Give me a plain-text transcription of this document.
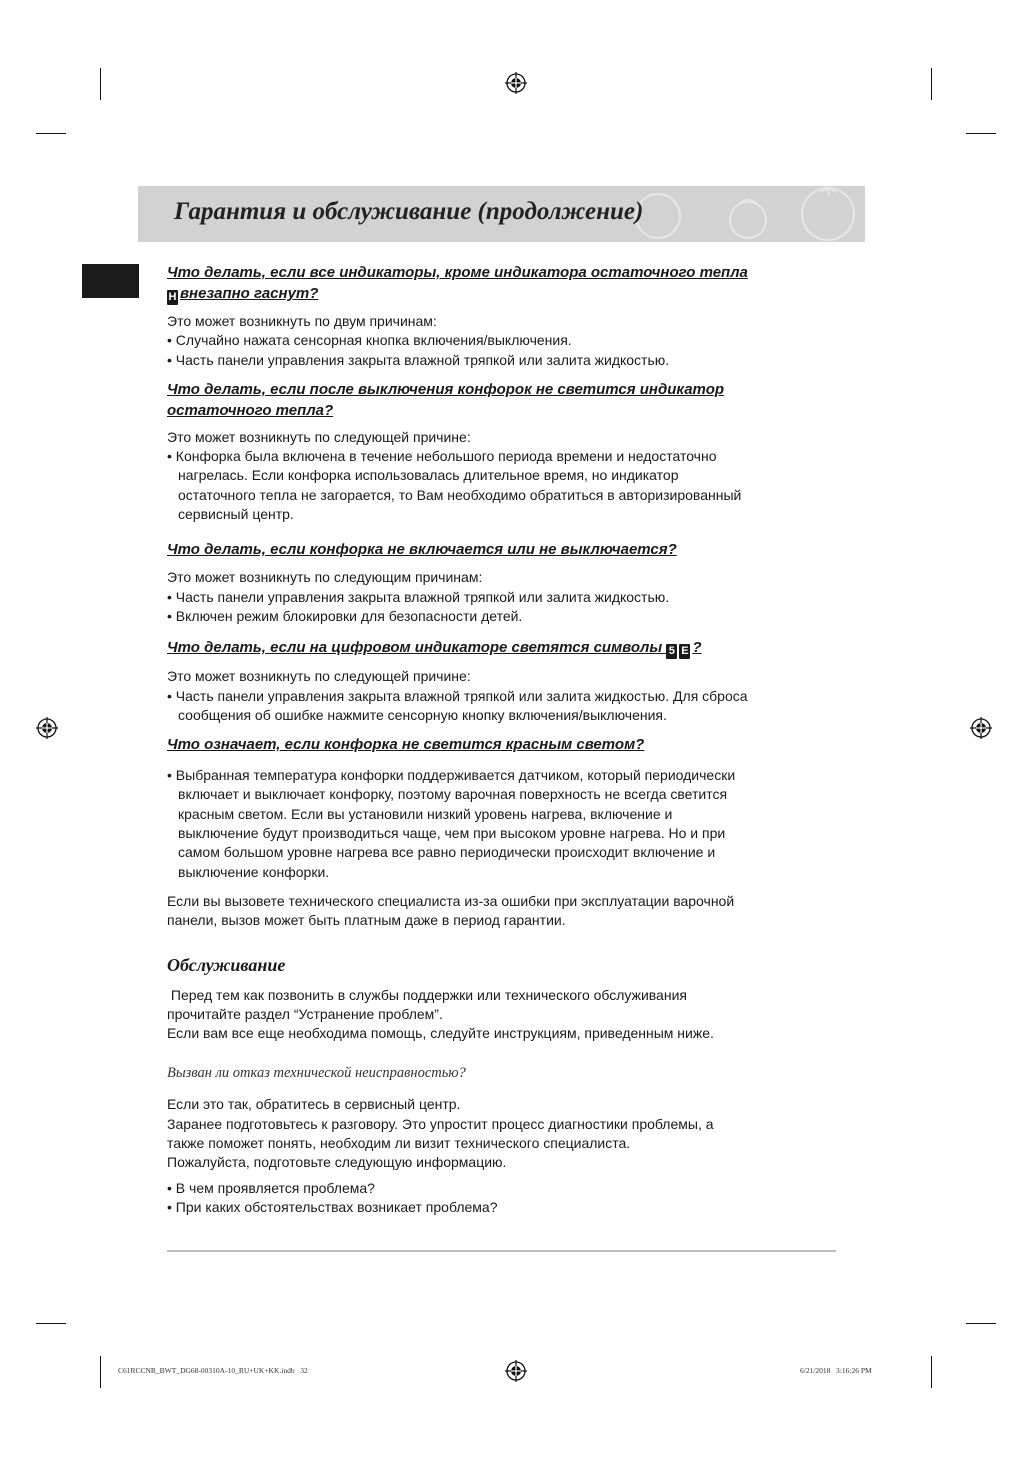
Гарантия и обслуживание (продолжение)

Что делать, если все индикаторы, кроме индикатора остаточного тепла

H внезапно гаснут?

Это может возникнуть по двум причинам:

• Случайно нажата сенсорная кнопка включения/выключения.

• Часть панели управления закрыта влажной тряпкой или залита жидкостью.

Что делать, если после выключения конфорок не светится индикатор

остаточного тепла?

Это может возникнуть по следующей причине:

• Конфорка была включена в течение небольшого периода времени и недостаточно

нагрелась. Если конфорка использовалась длительное время, но индикатор

остаточного тепла не загорается, то Вам необходимо обратиться в авторизированный

сервисный центр.

Что делать, если конфорка не включается или не выключается?

Это может возникнуть по следующим причинам:

• Часть панели управления закрыта влажной тряпкой или залита жидкостью.

• Включен режим блокировки для безопасности детей.

Что делать, если на цифровом индикаторе светятся символы 5 E ?

Это может возникнуть по следующей причине:

• Часть панели управления закрыта влажной тряпкой или залита жидкостью. Для сброса

сообщения об ошибке нажмите сенсорную кнопку включения/выключения.

Что означает, если конфорка не светится красным светом?

• Выбранная температура конфорки поддерживается датчиком, который периодически

включает и выключает конфорку, поэтому варочная поверхность не всегда светится

красным светом. Если вы установили низкий уровень нагрева, включение и

выключение будут производиться чаще, чем при высоком уровне нагрева. Но и при

самом большом уровне нагрева все равно периодически происходит включение и

выключение конфорки.

Если вы вызовете технического специалиста из-за ошибки при эксплуатации варочной

панели, вызов может быть платным даже в период гарантии.

Обслуживание

Перед тем как позвонить в службы поддержки или технического обслуживания

прочитайте раздел “Устранение проблем”.

Если вам все еще необходима помощь, следуйте инструкциям, приведенным ниже.

Вызван ли отказ технической неисправностью?

Если это так, обратитесь в сервисный центр.

Заранее подготовьтесь к разговору. Это упростит процесс диагностики проблемы, а

также поможет понять, необходим ли визит технического специалиста.

Пожалуйста, подготовьте следующую информацию.

• В чем проявляется проблема?

• При каких обстоятельствах возникает проблема?

C61RCCNR_BWT_DG68-00310A-10_RU+UK+KK.indb   32	6/21/2018   3:16:26 PM
